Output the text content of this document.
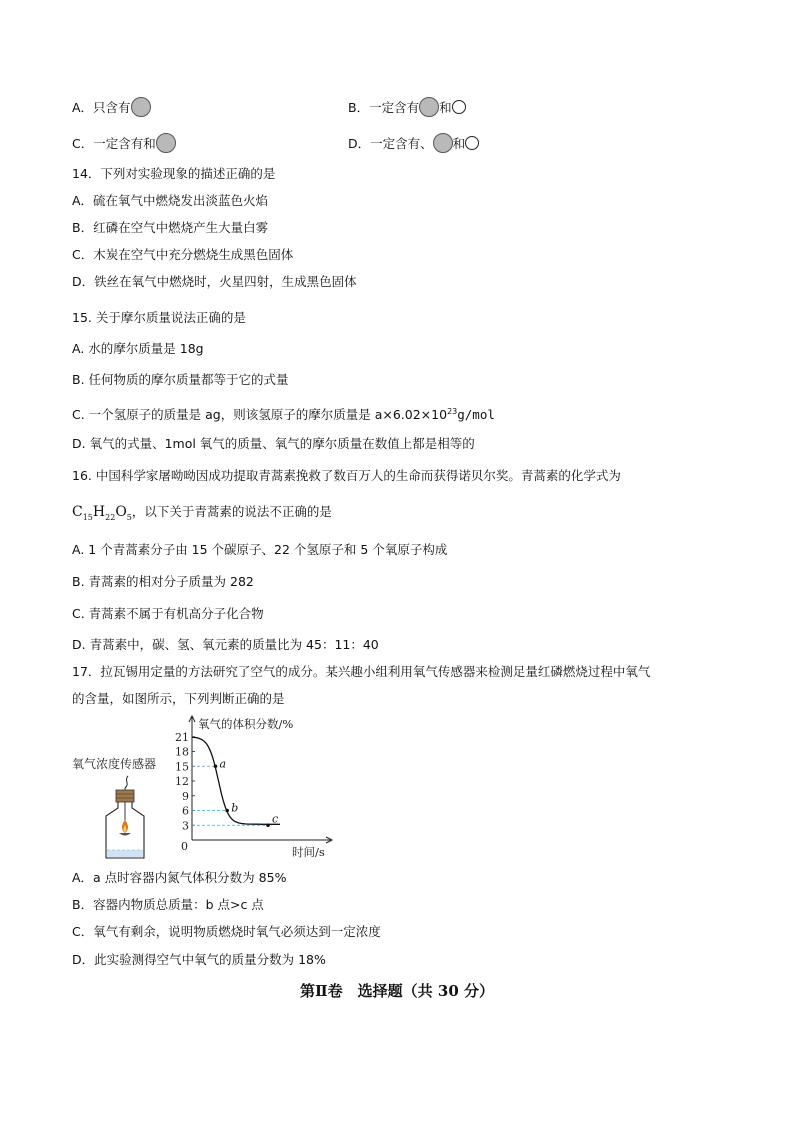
A．只含有	B．一定含有 和
C．一定含有和	D．一定含有、 和
14．下列对实验现象的描述正确的是
A．硫在氧气中燃烧发出淡蓝色火焰
B．红磷在空气中燃烧产生大量白雾
C．木炭在空气中充分燃烧生成黑色固体
D．铁丝在氧气中燃烧时，火星四射，生成黑色固体
15. 关于摩尔质量说法正确的是
A. 水的摩尔质量是 18g
B. 任何物质的摩尔质量都等于它的式量
C. 一个氢原子的质量是 ag，则该氢原子的摩尔质量是 $a\times 6.02\times 10^{23}g$/mol
D. 氧气的式量、1mol 氧气的质量、氧气的摩尔质量在数值上都是相等的
16. 中国科学家屠呦呦因成功提取青蒿素挽救了数百万人的生命而获得诺贝尔奖。青蒿素的化学式为
$C_{15}H_{22}O_5$，以下关于青蒿素的说法不正确的是
A. 1 个青蒿素分子由 15 个碳原子、22 个氢原子和 5 个氧原子构成
B. 青蒿素的相对分子质量为 282
C. 青蒿素不属于有机高分子化合物
D. 青蒿素中，碳、氢、氧元素的质量比为 45：11：40
17．拉瓦锡用定量的方法研究了空气的成分。某兴趣小组利用氧气传感器来检测足量红磷燃烧过程中氧气
的含量，如图所示，下列判断正确的是
氧气浓度传感器
氧气的体积分数/%
时间/s
0
21
18
15
12
9
6
3
a
b
c
A．a 点时容器内氮气体积分数为 85%
B．容器内物质总质量：b 点>c 点
C．氧气有剩余，说明物质燃烧时氧气必须达到一定浓度
D．此实验测得空气中氧气的质量分数为 18%
第Ⅱ卷　选择题（共 30 分）
